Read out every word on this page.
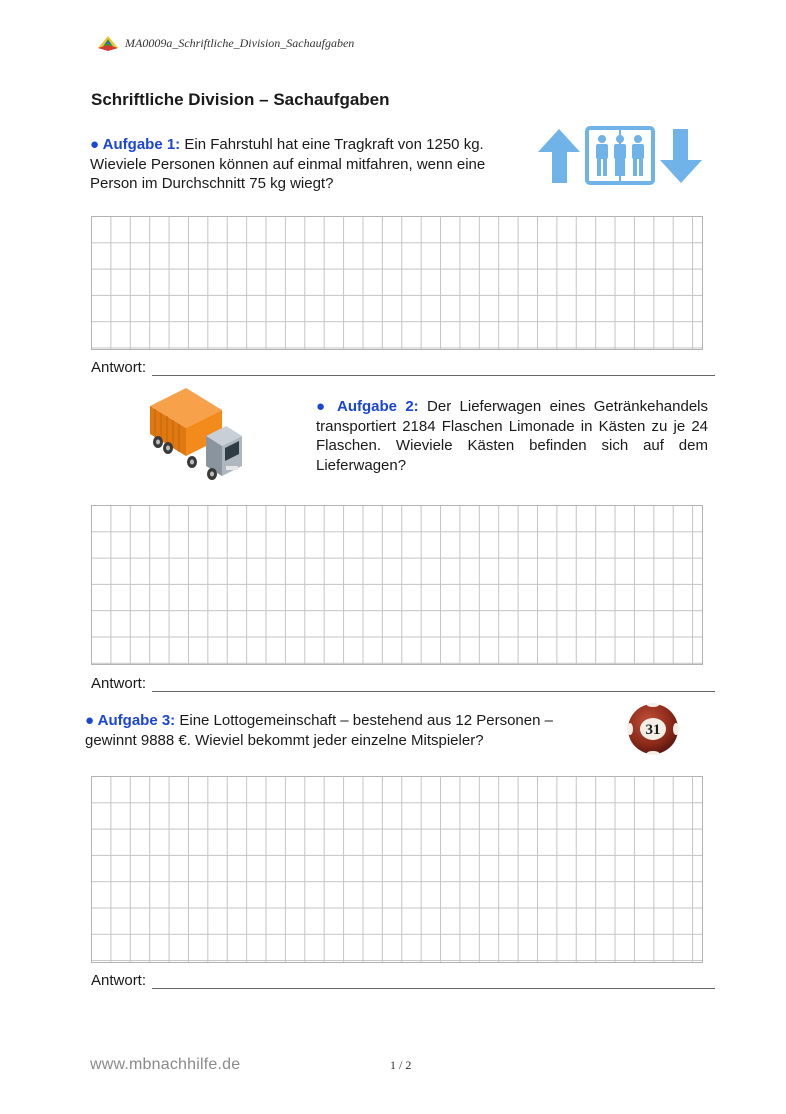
MA0009a_Schriftliche_Division_Sachaufgaben
Schriftliche Division – Sachaufgaben
● Aufgabe 1: Ein Fahrstuhl hat eine Tragkraft von 1250 kg. Wieviele Personen können auf einmal mitfahren, wenn eine Person im Durchschnitt 75 kg wiegt?
Antwort:
● Aufgabe 2: Der Lieferwagen eines Getränkehandels transportiert 2184 Flaschen Limonade in Kästen zu je 24 Flaschen. Wieviele Kästen befinden sich auf dem Lieferwagen?
Antwort:
● Aufgabe 3: Eine Lottogemeinschaft – bestehend aus 12 Personen – gewinnt 9888 €. Wieviel bekommt jeder einzelne Mitspieler?
31
Antwort:
www.mbnachhilfe.de	1 / 2
